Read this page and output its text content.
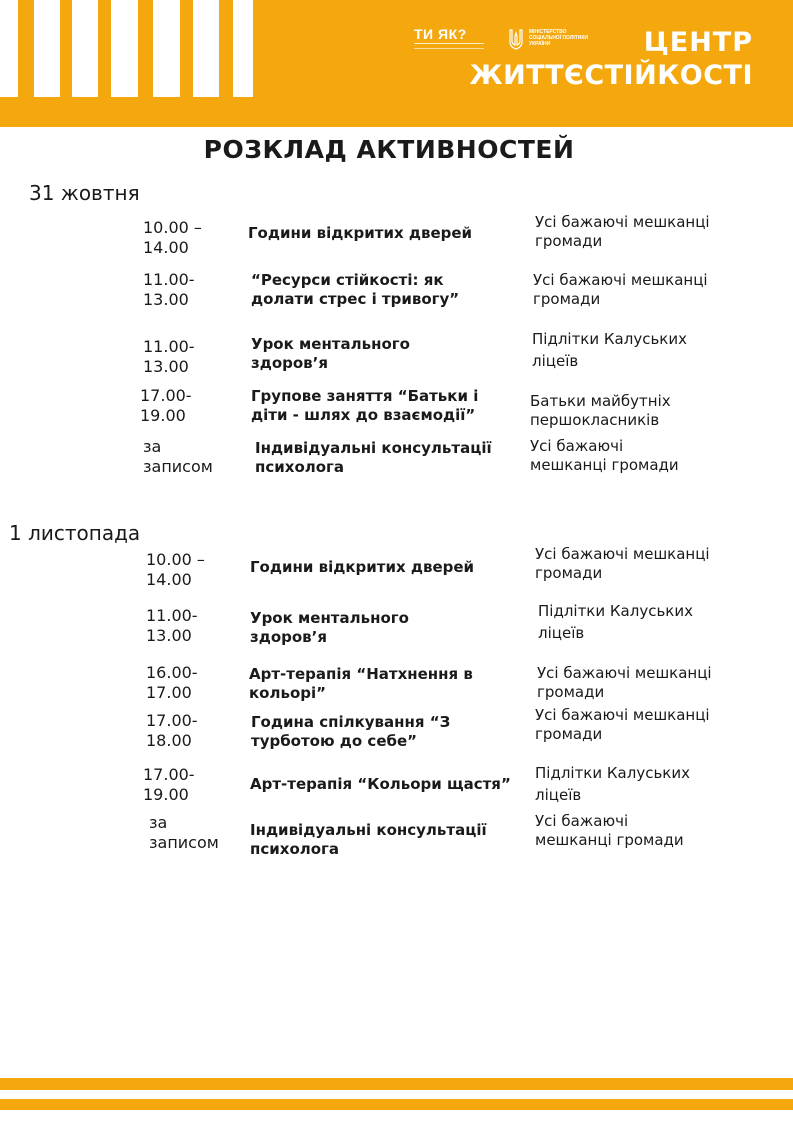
ТИ ЯК?	МІНІСТЕРСТВО СОЦІАЛЬНОЇ ПОЛІТИКИ УКРАЇНИ	ЦЕНТР
ЖИТТЄСТІЙКОСТІ
РОЗКЛАД АКТИВНОСТЕЙ
31 жовтня
10.00 –
14.00
Години відкритих дверей
Усі бажаючі мешканці
громади
11.00-
13.00
“Ресурси стійкості: як
долати стрес і тривогу”
Усі бажаючі мешканці
громади
11.00-
13.00
Урок ментального
здоров’я
Підлітки Калуських
ліцеїв
17.00-
19.00
Групове заняття “Батьки і
діти - шлях до взаємодії”
Батьки майбутніх
першокласників
за
записом
Індивідуальні консультації
психолога
Усі бажаючі
мешканці громади
1 листопада
10.00 –
14.00
Години відкритих дверей
Усі бажаючі мешканці
громади
11.00-
13.00
Урок ментального
здоров’я
Підлітки Калуських
ліцеїв
16.00-
17.00
Арт-терапія “Натхнення в
кольорі”
Усі бажаючі мешканці
громади
17.00-
18.00
Година спілкування “З
турботою до себе”
Усі бажаючі мешканці
громади
17.00-
19.00
Арт-терапія “Кольори щастя”
Підлітки Калуських
ліцеїв
за
записом
Індивідуальні консультації
психолога
Усі бажаючі
мешканці громади
